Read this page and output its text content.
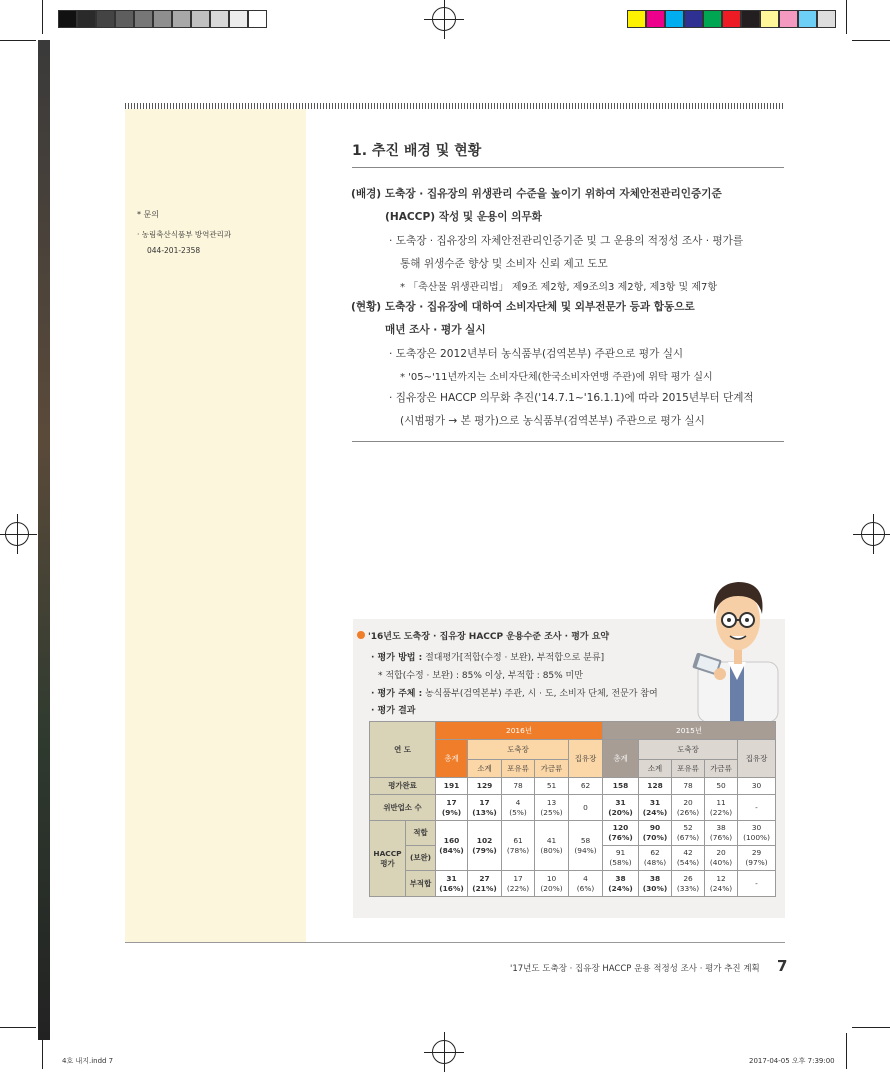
* 문의
· 농림축산식품부 방역관리과
044-201-2358
1. 추진 배경 및 현황
(배경) 도축장 · 집유장의 위생관리 수준을 높이기 위하여 자체안전관리인증기준
(HACCP) 작성 및 운용이 의무화
· 도축장 · 집유장의 자체안전관리인증기준 및 그 운용의 적정성 조사 · 평가를
통해 위생수준 향상 및 소비자 신뢰 제고 도모
* 「축산물 위생관리법」 제9조 제2항, 제9조의3 제2항, 제3항 및 제7항
(현황) 도축장 · 집유장에 대하여 소비자단체 및 외부전문가 등과 합동으로
매년 조사 · 평가 실시
· 도축장은 2012년부터 농식품부(검역본부) 주관으로 평가 실시
* '05~'11년까지는 소비자단체(한국소비자연맹 주관)에 위탁 평가 실시
· 집유장은 HACCP 의무화 추진('14.7.1~'16.1.1)에 따라 2015년부터 단계적
(시범평가 → 본 평가)으로 농식품부(검역본부) 주관으로 평가 실시
'16년도 도축장 · 집유장 HACCP 운용수준 조사 · 평가 요약
· 평가 방법 : 절대평가[적합(수정 · 보완), 부적합으로 분류]
* 적합(수정 · 보완) : 85% 이상, 부적합 : 85% 미만
· 평가 주체 : 농식품부(검역본부) 주관, 시 · 도, 소비자 단체, 전문가 참여
· 평가 결과
연 도		2016년					2015년				
		총계	도축장			집유장	총계	도축장			집유장
			소계	포유류	가금류			소계	포유류	가금류	
평가완료		191	129	78	51	62	158	128	78	50	30
위반업소 수		17
(9%)	17
(13%)	4
(5%)	13
(25%)	0	31
(20%)	31
(24%)	20
(26%)	11
(22%)	-
HACCP
평가	적합	160
(84%)	102
(79%)	61
(78%)	41
(80%)	58
(94%)	120
(76%)	90
(70%)	52
(67%)	38
(76%)	30
(100%)
	(보완)						91
(58%)	62
(48%)	42
(54%)	20
(40%)	29
(97%)
	부적합	31
(16%)	27
(21%)	17
(22%)	10
(20%)	4
(6%)	38
(24%)	38
(30%)	26
(33%)	12
(24%)	-
'17년도 도축장 · 집유장 HACCP 운용 적정성 조사 · 평가 추진 계획 7
4호 내지.indd 7	2017-04-05 오후 7:39:00
